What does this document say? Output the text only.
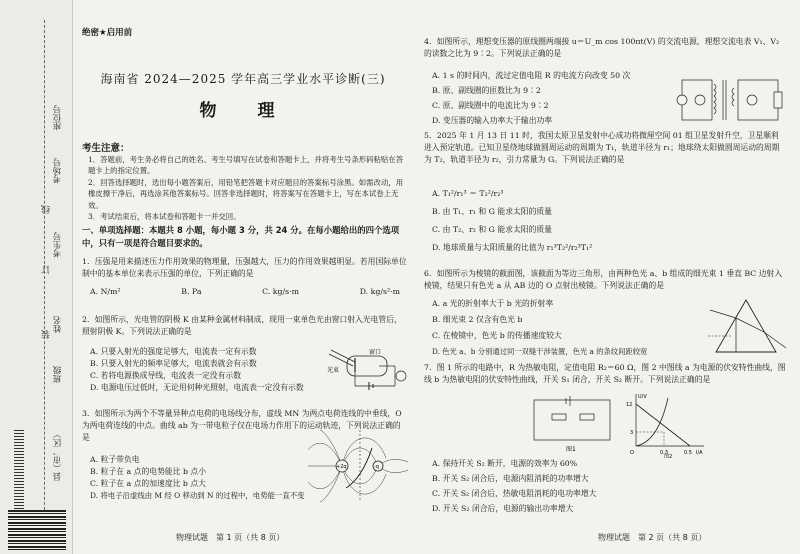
座位号
考场号
考生号
姓名
班级
县（市、区）
线
订
装
绝密★启用前
海南省 2024—2025 学年高三学业水平诊断(三)
物　理
考生注意：

1．答题前，考生务必将自己的姓名、考生号填写在试卷和答题卡上，并将考生号条形码粘贴在答题卡上的指定位置。

2．回答选择题时，选出每小题答案后，用铅笔把答题卡对应题目的答案标号涂黑。如需改动，用橡皮擦干净后，再选涂其他答案标号。回答非选择题时，将答案写在答题卡上，写在本试卷上无效。

3．考试结束后，将本试卷和答题卡一并交回。

一、单项选择题：本题共 8 小题，每小题 3 分，共 24 分。在每小题给出的四个选项中，只有一项是符合题目要求的。

1．压强是用来描述压力作用效果的物理量，压强越大，压力的作用效果越明显。若用国际单位制中的基本单位来表示压强的单位，下列正确的是

A. N/m²	B. Pa	C. kg/s·m	D. kg/s²·m

2．如图所示，光电管的阴极 K 由某种金属材料制成，现用一束单色光由窗口射入光电管后，照射阴极 K。下列说法正确的是

A. 只要入射光的强度足够大，电流表一定有示数

B. 只要入射光的频率足够大，电流表就会有示数

C. 若将电源换成导线，电流表一定没有示数

D. 电源电压过低时，无论用何种光照射，电流表一定没有示数

光束
窗口

3．如图所示为两个不等量异种点电荷的电场线分布，虚线 MN 为两点电荷连线的中垂线，O 为两电荷连线的中点。曲线 ab 为一带电粒子仅在电场力作用下的运动轨迹，下列说法正确的是

A. 粒子带负电

B. 粒子在 a 点的电势能比 b 点小

C. 粒子在 a 点的加速度比 b 点大

D. 将电子沿虚线由 M 经 O 移动到 N 的过程中，电势能一直不变

+2q	-q
物理试题　第 1 页（共 8 页）

4．如图所示，理想变压器的原线圈两端接 u＝U_m cos 100πt(V) 的交流电源，理想交流电表 V₁、V₂ 的读数之比为 9∶2。下列说法正确的是

A. 1 s 的时间内，流过定值电阻 R 的电流方向改变 50 次

B. 原、副线圈的匝数比为 9∶2

C. 原、副线圈中的电流比为 9∶2

D. 变压器的输入功率大于输出功率

5．2025 年 1 月 13 日 11 时，我国太原卫星发射中心成功将微厘空间 01 组卫星发射升空，卫星顺利进入预定轨道。已知卫星绕地球做圆周运动的周期为 T₁，轨道半径为 r₁；地球绕太阳做圆周运动的周期为 T₂，轨道半径为 r₂，引力常量为 G。下列说法正确的是

A. T₁²/r₁³ ＝ T₂²/r₂³

B. 由 T₁、r₁ 和 G 能求太阳的质量

C. 由 T₂、r₂ 和 G 能求太阳的质量

D. 地球质量与太阳质量的比值为 r₁³T₂²/r₂³T₁²

6．如图所示为棱镜的截面图，该截面为等边三角形，由两种色光 a、b 组成的细光束 1 垂直 BC 边射入棱镜，结果只有色光 a 从 AB 边的 O 点射出棱镜。下列说法正确的是

A. a 光的折射率大于 b 光的折射率

B. 细光束 2 仅含有色光 b

C. 在棱镜中，色光 b 的传播速度较大

D. 色光 a、b 分别通过同一双缝干涉装置，色光 a 的条纹间距较宽

7．图 1 所示的电路中，R 为热敏电阻，定值电阻 R₂＝60 Ω，图 2 中图线 a 为电源的伏安特性曲线，图线 b 为热敏电阻的伏安特性曲线，开关 S₁ 闭合，开关 S₂ 断开。下列说法正确的是

图1
U/V
I/A
12
3
0.3	0.5
O
图2

A. 保持开关 S₂ 断开，电源的效率为 60%

B. 开关 S₂ 闭合后，电源内阻消耗的功率增大

C. 开关 S₂ 闭合后，热敏电阻消耗的电功率增大

D. 开关 S₂ 闭合后，电源的输出功率增大

物理试题　第 2 页（共 8 页）
